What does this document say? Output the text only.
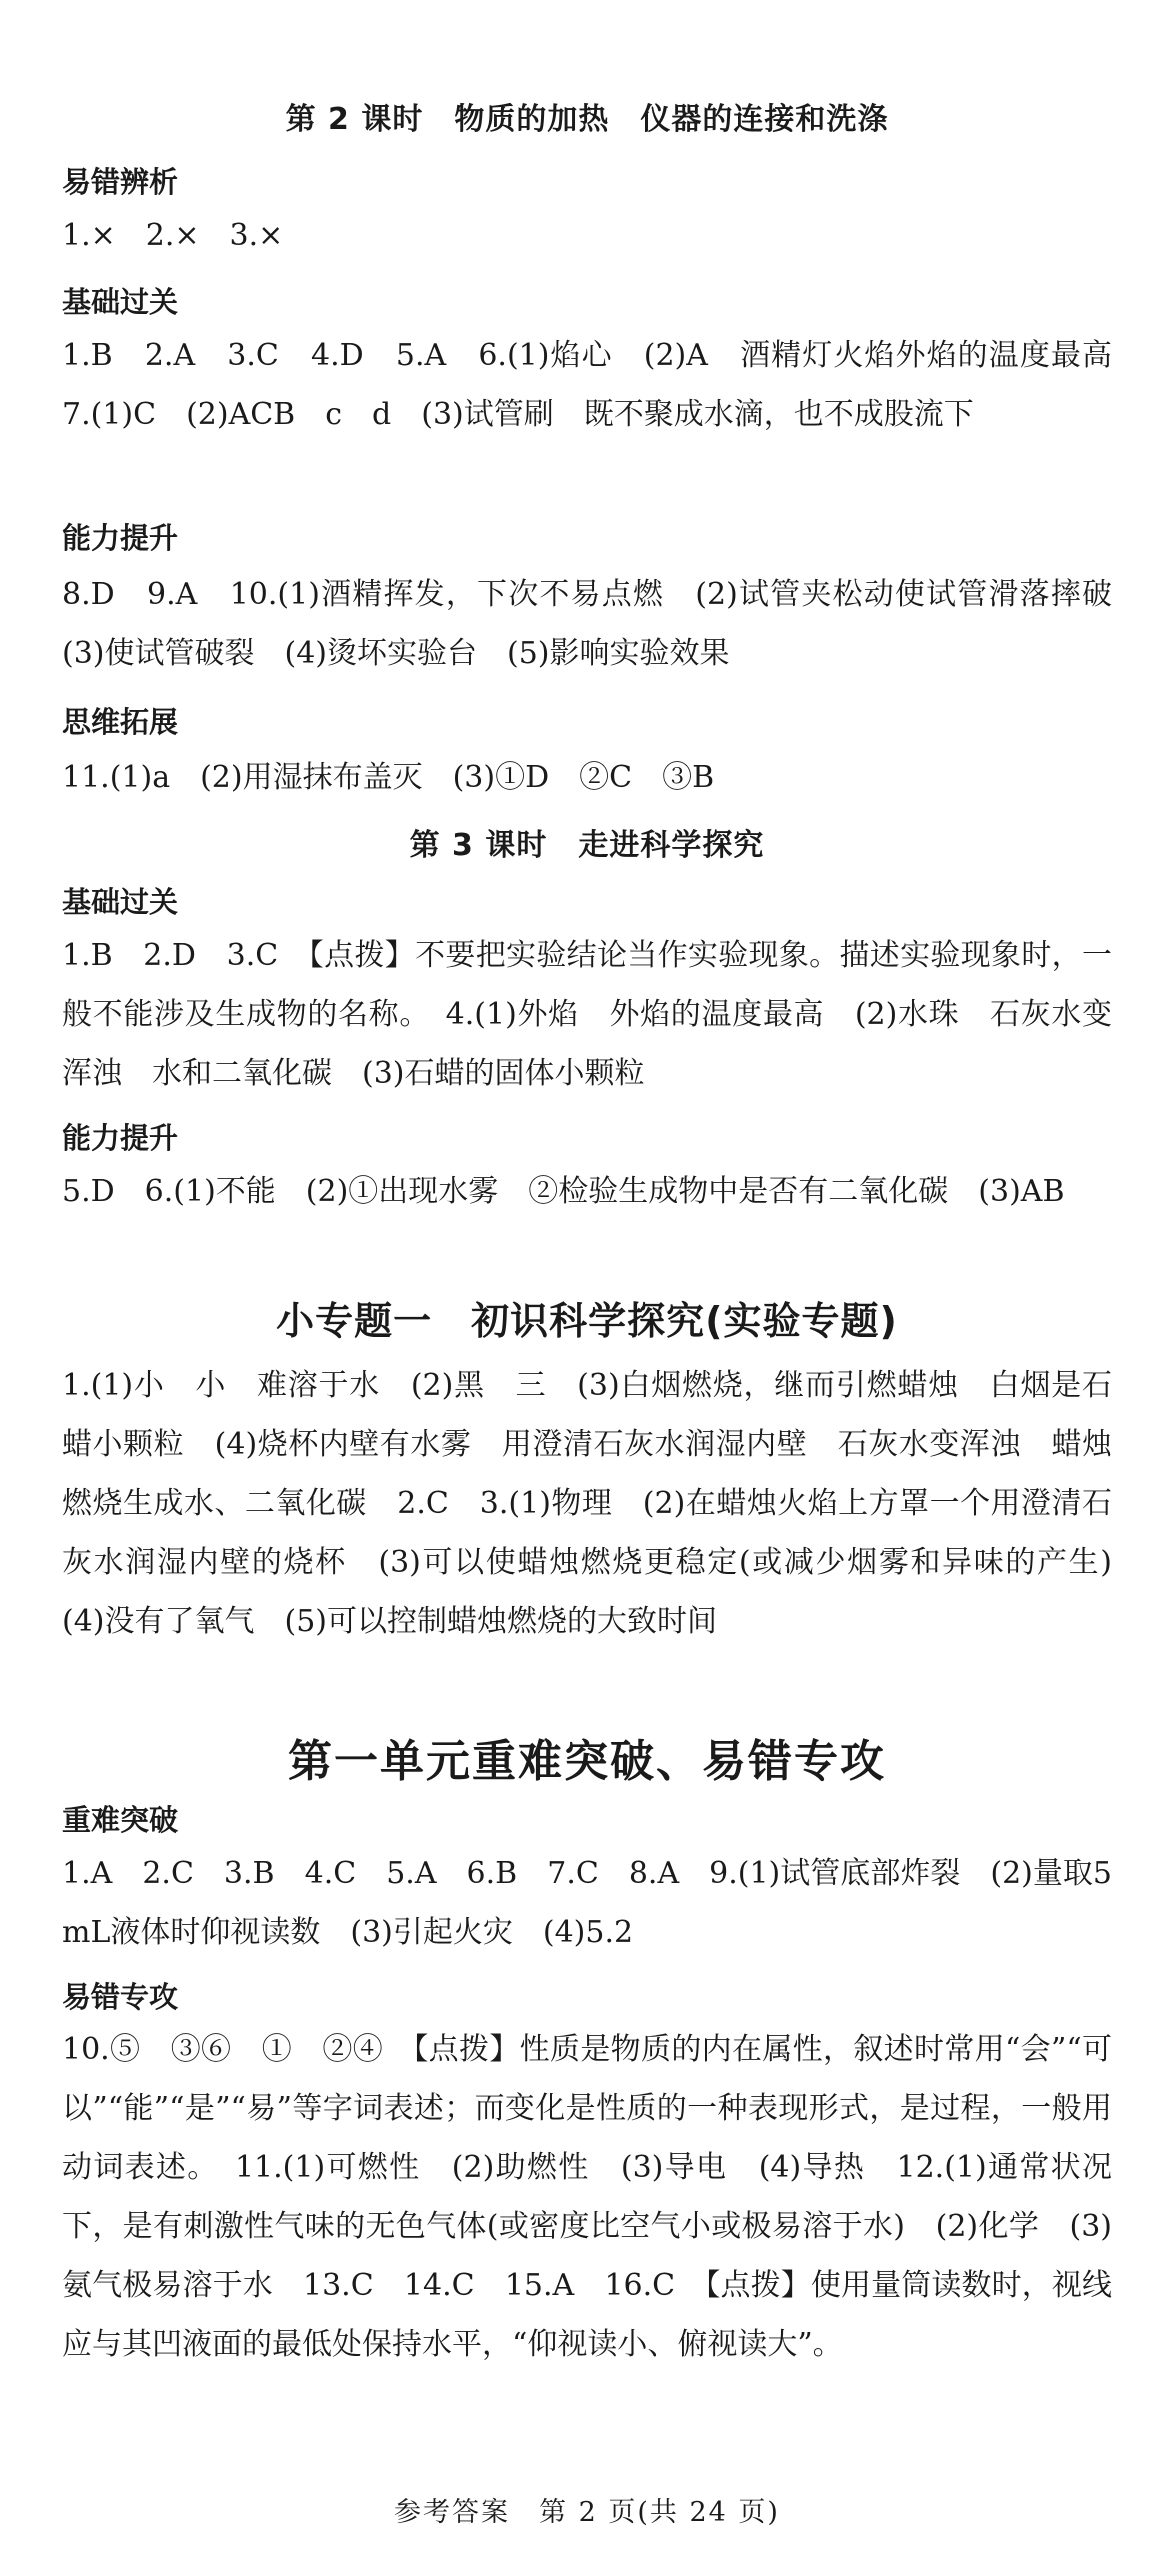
第 2 课时　物质的加热　仪器的连接和洗涤
易错辨析
1.×　2.×　3.×
基础过关
1.B　2.A　3.C　4.D　5.A　6.(1)焰心　(2)A　酒精灯火焰外焰的温度最高　7.(1)C　(2)ACB　c　d　(3)试管刷　既不聚成水滴，也不成股流下
能力提升
8.D　9.A　10.(1)酒精挥发，下次不易点燃　(2)试管夹松动使试管滑落摔破　(3)使试管破裂　(4)烫坏实验台　(5)影响实验效果
思维拓展
11.(1)a　(2)用湿抹布盖灭　(3)①D　②C　③B
第 3 课时　走进科学探究
基础过关
1.B　2.D　3.C　【点拨】不要把实验结论当作实验现象。描述实验现象时，一般不能涉及生成物的名称。　4.(1)外焰　外焰的温度最高　(2)水珠　石灰水变浑浊　水和二氧化碳　(3)石蜡的固体小颗粒
能力提升
5.D　6.(1)不能　(2)①出现水雾　②检验生成物中是否有二氧化碳　(3)AB
小专题一　初识科学探究(实验专题)
1.(1)小　小　难溶于水　(2)黑　三　(3)白烟燃烧，继而引燃蜡烛　白烟是石蜡小颗粒　(4)烧杯内壁有水雾　用澄清石灰水润湿内壁　石灰水变浑浊　蜡烛燃烧生成水、二氧化碳　2.C　3.(1)物理　(2)在蜡烛火焰上方罩一个用澄清石灰水润湿内壁的烧杯　(3)可以使蜡烛燃烧更稳定(或减少烟雾和异味的产生)　(4)没有了氧气　(5)可以控制蜡烛燃烧的大致时间
第一单元重难突破、易错专攻
重难突破
1.A　2.C　3.B　4.C　5.A　6.B　7.C　8.A　9.(1)试管底部炸裂　(2)量取5 mL液体时仰视读数　(3)引起火灾　(4)5.2
易错专攻
10.⑤　③⑥　①　②④　【点拨】性质是物质的内在属性，叙述时常用“会”“可以”“能”“是”“易”等字词表述；而变化是性质的一种表现形式，是过程，一般用动词表述。　11.(1)可燃性　(2)助燃性　(3)导电　(4)导热　12.(1)通常状况下，是有刺激性气味的无色气体(或密度比空气小或极易溶于水)　(2)化学　(3)氨气极易溶于水　13.C　14.C　15.A　16.C　【点拨】使用量筒读数时，视线应与其凹液面的最低处保持水平，“仰视读小、俯视读大”。
参考答案　第 2 页(共 24 页)
